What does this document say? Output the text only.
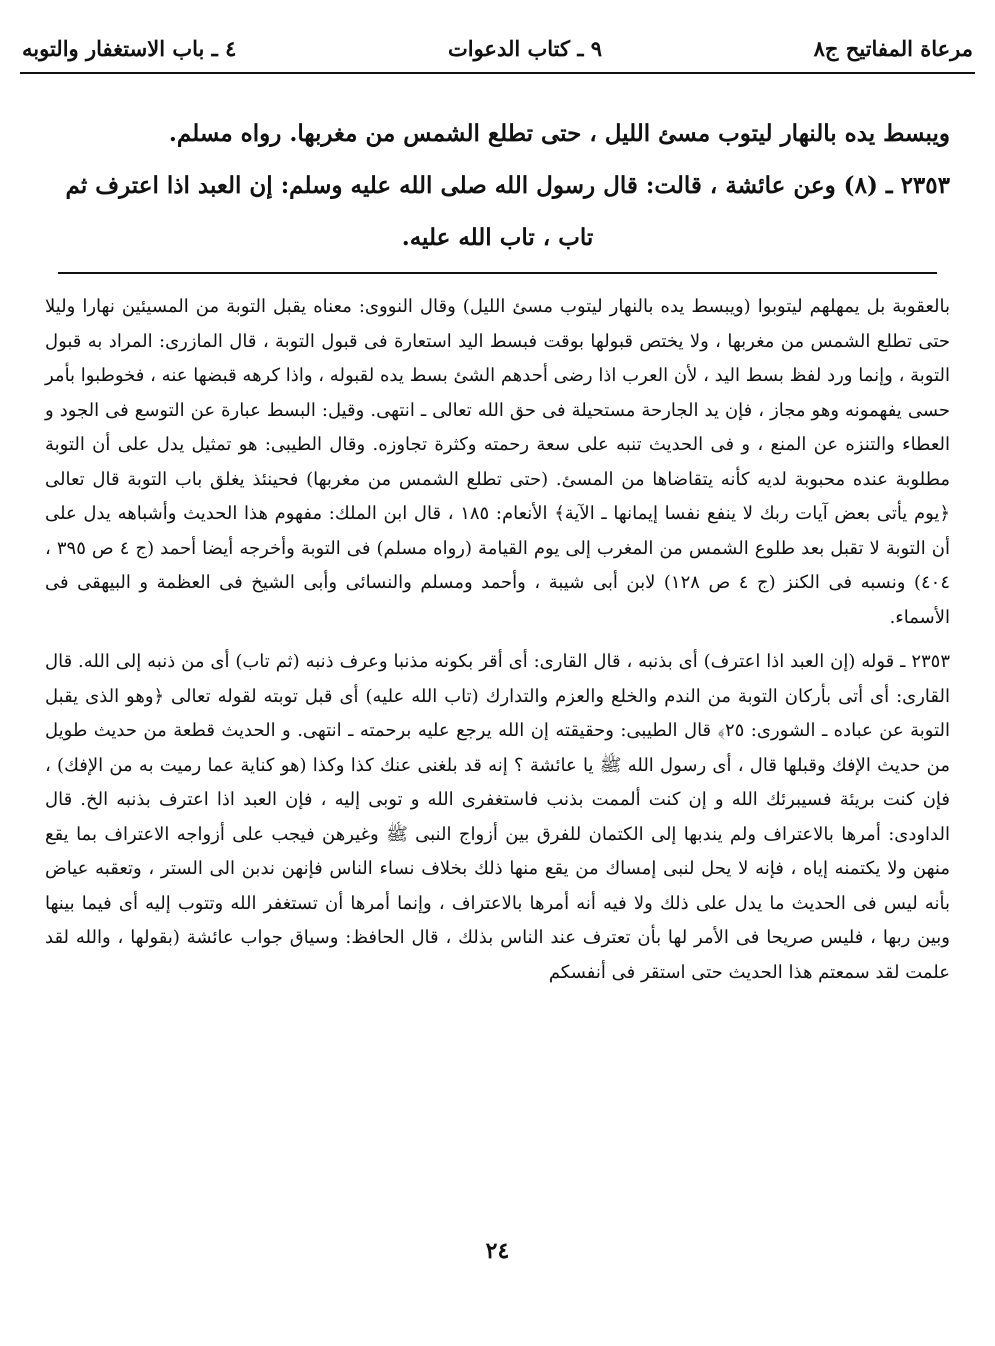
مرعاة المفاتيح ج٨
٩ ـ كتاب الدعوات
٤ ـ باب الاستغفار والتوبه

ويبسط يده بالنهار ليتوب مسئ الليل ، حتى تطلع الشمس من مغربها. رواه مسلم.

٢٣٥٣ ـ (٨) وعن عائشة ، قالت: قال رسول الله صلى الله عليه وسلم: إن العبد اذا اعترف ثم

تاب ، تاب الله عليه.

بالعقوبة بل يمهلهم ليتوبوا (ويبسط يده بالنهار ليتوب مسئ الليل) وقال النووى: معناه يقبل التوبة من المسيئين نهارا وليلا حتى تطلع الشمس من مغربها ، ولا يختص قبولها بوقت فبسط اليد استعارة فى قبول التوبة ، قال المازرى: المراد به قبول التوبة ، وإنما ورد لفظ بسط اليد ، لأن العرب اذا رضى أحدهم الشئ بسط يده لقبوله ، واذا كرهه قبضها عنه ، فخوطبوا بأمر حسى يفهمونه وهو مجاز ، فإن يد الجارحة مستحيلة فى حق الله تعالى ـ انتهى. وقيل: البسط عبارة عن التوسع فى الجود و العطاء والتنزه عن المنع ، و فى الحديث تنبه على سعة رحمته وكثرة تجاوزه. وقال الطيبى: هو تمثيل يدل على أن التوبة مطلوبة عنده محبوبة لديه كأنه يتقاضاها من المسئ. (حتى تطلع الشمس من مغربها) فحينئذ يغلق باب التوبة قال تعالى ﴿يوم يأتى بعض آيات ربك لا ينفع نفسا إيمانها ـ الآية﴾ الأنعام: ١٨٥ ، قال ابن الملك: مفهوم هذا الحديث وأشباهه يدل على أن التوبة لا تقبل بعد طلوع الشمس من المغرب إلى يوم القيامة (رواه مسلم) فى التوبة وأخرجه أيضا أحمد (ج ٤ ص ٣٩٥ ، ٤٠٤) ونسبه فى الكنز (ج ٤ ص ١٢٨) لابن أبى شيبة ، وأحمد ومسلم والنسائى وأبى الشيخ فى العظمة و البيهقى فى الأسماء.

٢٣٥٣ ـ قوله (إن العبد اذا اعترف) أى بذنبه ، قال القارى: أى أقر بكونه مذنبا وعرف ذنبه (ثم تاب) أى من ذنبه إلى الله. قال القارى: أى أتى بأركان التوبة من الندم والخلع والعزم والتدارك (تاب الله عليه) أى قبل توبته لقوله تعالى ﴿وهو الذى يقبل التوبة عن عباده ـ الشورى: ٢٥﴾ قال الطيبى: وحقيقته إن الله يرجع عليه برحمته ـ انتهى. و الحديث قطعة من حديث طويل من حديث الإفك وقبلها قال ، أى رسول الله ﷺ يا عائشة ؟ إنه قد بلغنى عنك كذا وكذا (هو كناية عما رميت به من الإفك) ، فإن كنت بريئة فسيبرئك الله و إن كنت ألممت بذنب فاستغفرى الله و توبى إليه ، فإن العبد اذا اعترف بذنبه الخ. قال الداودى: أمرها بالاعتراف ولم يندبها إلى الكتمان للفرق بين أزواج النبى ﷺ وغيرهن فيجب على أزواجه الاعتراف بما يقع منهن ولا يكتمنه إياه ، فإنه لا يحل لنبى إمساك من يقع منها ذلك بخلاف نساء الناس فإنهن ندبن الى الستر ، وتعقبه عياض بأنه ليس فى الحديث ما يدل على ذلك ولا فيه أنه أمرها بالاعتراف ، وإنما أمرها أن تستغفر الله وتتوب إليه أى فيما بينها وبين ربها ، فليس صريحا فى الأمر لها بأن تعترف عند الناس بذلك ، قال الحافظ: وسياق جواب عائشة (بقولها ، والله لقد علمت لقد سمعتم هذا الحديث حتى استقر فى أنفسكم

٢٤
